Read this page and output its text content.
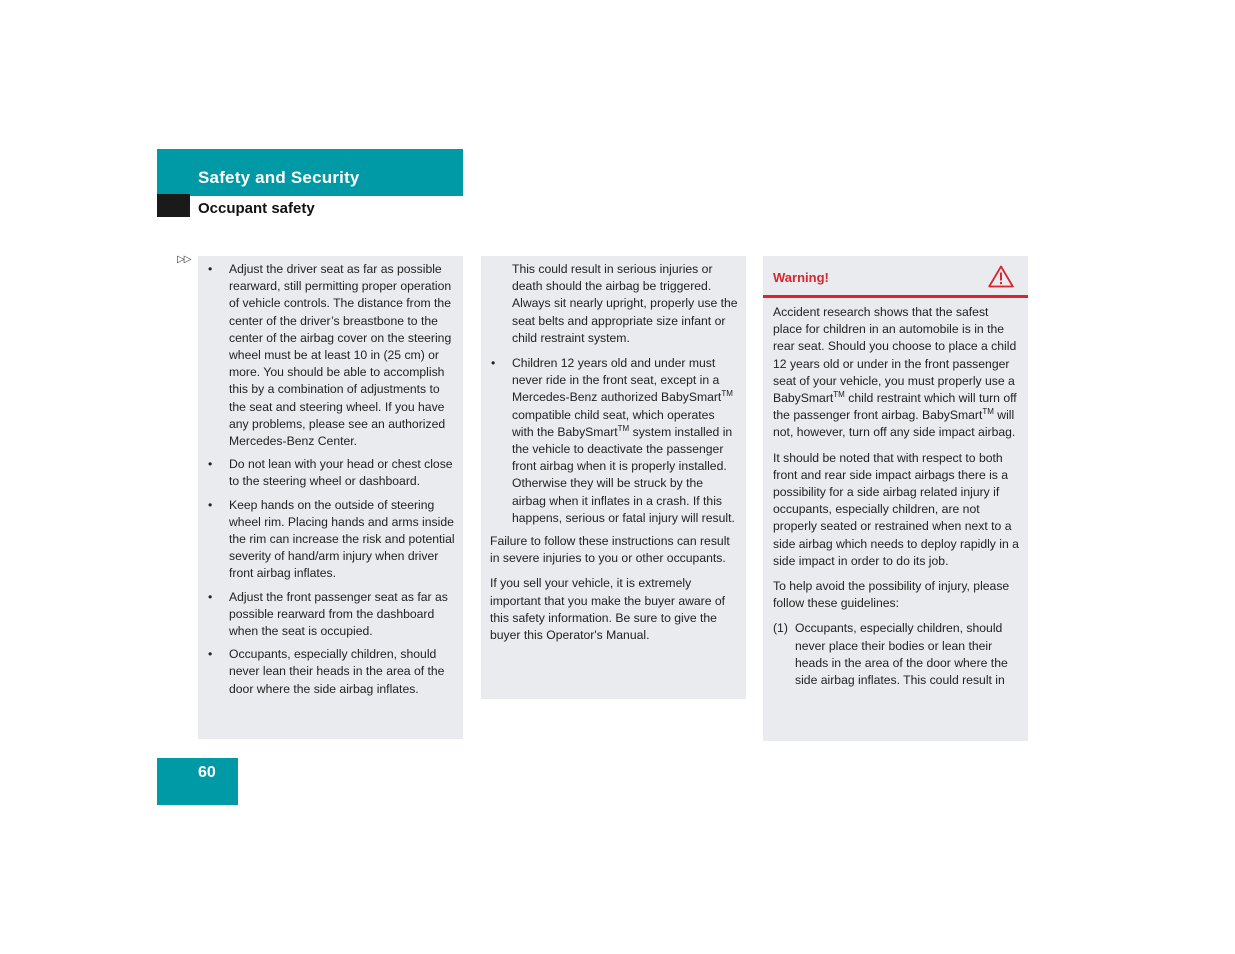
Safety and Security
Occupant safety
▷▷
• Adjust the driver seat as far as possible rearward, still permitting proper operation of vehicle controls. The distance from the center of the driver’s breastbone to the center of the airbag cover on the steering wheel must be at least 10 in (25 cm) or more. You should be able to accomplish this by a combination of adjustments to the seat and steering wheel. If you have any problems, please see an authorized Mercedes-Benz Center.
• Do not lean with your head or chest close to the steering wheel or dashboard.
• Keep hands on the outside of steering wheel rim. Placing hands and arms inside the rim can increase the risk and potential severity of hand/arm injury when driver front airbag inflates.
• Adjust the front passenger seat as far as possible rearward from the dashboard when the seat is occupied.
• Occupants, especially children, should never lean their heads in the area of the door where the side airbag inflates.

This could result in serious injuries or death should the airbag be triggered. Always sit nearly upright, properly use the seat belts and appropriate size infant or child restraint system.

• Children 12 years old and under must never ride in the front seat, except in a Mercedes-Benz authorized BabySmart™ compatible child seat, which operates with the BabySmart™ system installed in the vehicle to deactivate the passenger front airbag when it is properly installed. Otherwise they will be struck by the airbag when it inflates in a crash. If this happens, serious or fatal injury will result.

Failure to follow these instructions can result in severe injuries to you or other occupants.

If you sell your vehicle, it is extremely important that you make the buyer aware of this safety information. Be sure to give the buyer this Operator's Manual.

Warning!

Accident research shows that the safest place for children in an automobile is in the rear seat. Should you choose to place a child 12 years old or under in the front passenger seat of your vehicle, you must properly use a BabySmart™ child restraint which will turn off the passenger front airbag. BabySmart™ will not, however, turn off any side impact airbag.

It should be noted that with respect to both front and rear side impact airbags there is a possibility for a side airbag related injury if occupants, especially children, are not properly seated or restrained when next to a side airbag which needs to deploy rapidly in a side impact in order to do its job.

To help avoid the possibility of injury, please follow these guidelines:

(1) Occupants, especially children, should never place their bodies or lean their heads in the area of the door where the side airbag inflates. This could result in
60
